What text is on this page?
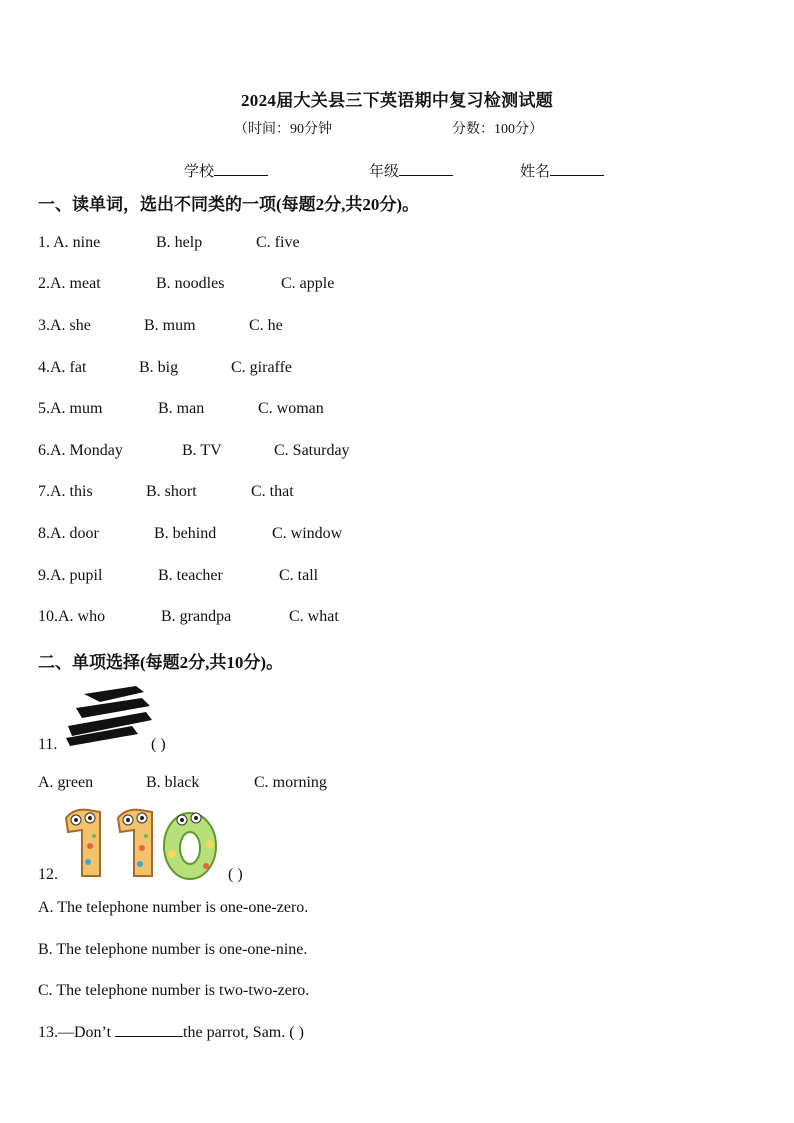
2024届大关县三下英语期中复习检测试题
（时间：90分钟	分数：100分）
学校	年级	姓名
一、读单词，选出不同类的一项(每题2分,共20分)。
1. A. nine	B. help	C. five
2.A. meat	B. noodles	C. apple
3.A. she	B. mum	C. he
4.A. fat	B. big	C. giraffe
5.A. mum	B. man	C. woman
6.A. Monday	B. TV	C. Saturday
7.A. this	B. short	C. that
8.A. door	B. behind	C. window
9.A. pupil	B. teacher	C. tall
10.A. who	B. grandpa	C. what
二、单项选择(每题2分,共10分)。
11.	( )
A. green	B. black	C. morning
12.	( )
A. The telephone number is one-one-zero.
B. The telephone number is one-one-nine.
C. The telephone number is two-two-zero.
13.—Don’t	the parrot, Sam. ( )
